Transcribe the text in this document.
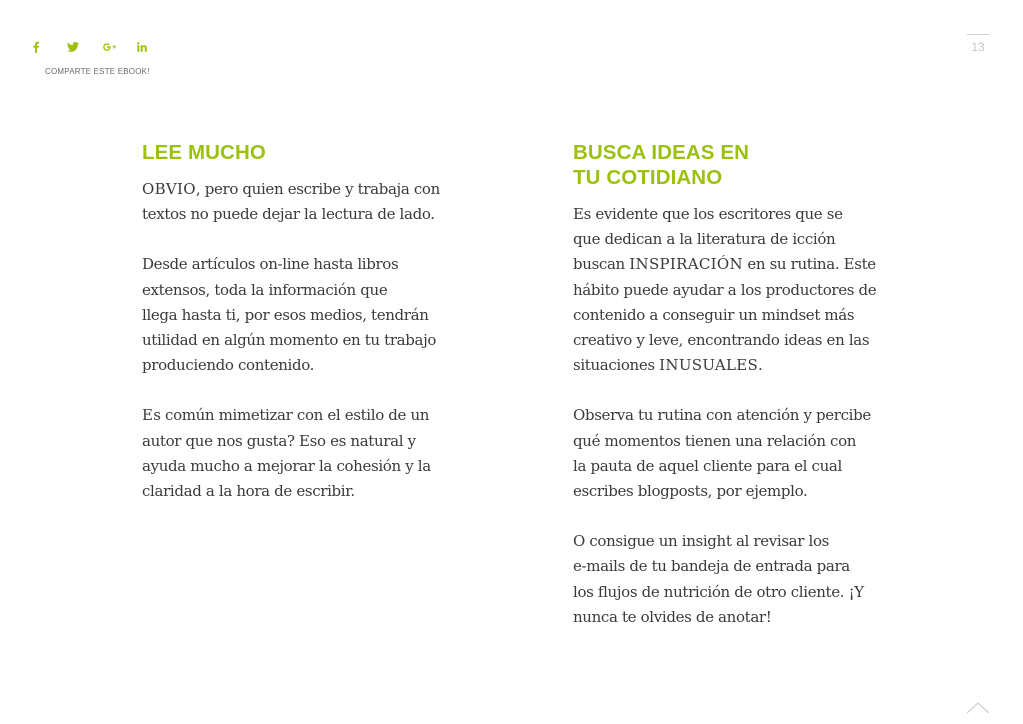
COMPARTE ESTE EBOOK!
13
LEE MUCHO

OBVIO, pero quien escribe y trabaja con
textos no puede dejar la lectura de lado.

Desde artículos on-line hasta libros
extensos, toda la información que
llega hasta ti, por esos medios, tendrán
utilidad en algún momento en tu trabajo
produciendo contenido.

Es común mimetizar con el estilo de un
autor que nos gusta? Eso es natural y
ayuda mucho a mejorar la cohesión y la
claridad a la hora de escribir.

BUSCA IDEAS EN
TU COTIDIANO

Es evidente que los escritores que se
que dedican a la literatura de icción
buscan INSPIRACIÓN en su rutina. Este
hábito puede ayudar a los productores de
contenido a conseguir un mindset más
creativo y leve, encontrando ideas en las
situaciones INUSUALES.

Observa tu rutina con atención y percibe
qué momentos tienen una relación con
la pauta de aquel cliente para el cual
escribes blogposts, por ejemplo.

O consigue un insight al revisar los
e-mails de tu bandeja de entrada para
los flujos de nutrición de otro cliente. ¡Y
nunca te olvides de anotar!
